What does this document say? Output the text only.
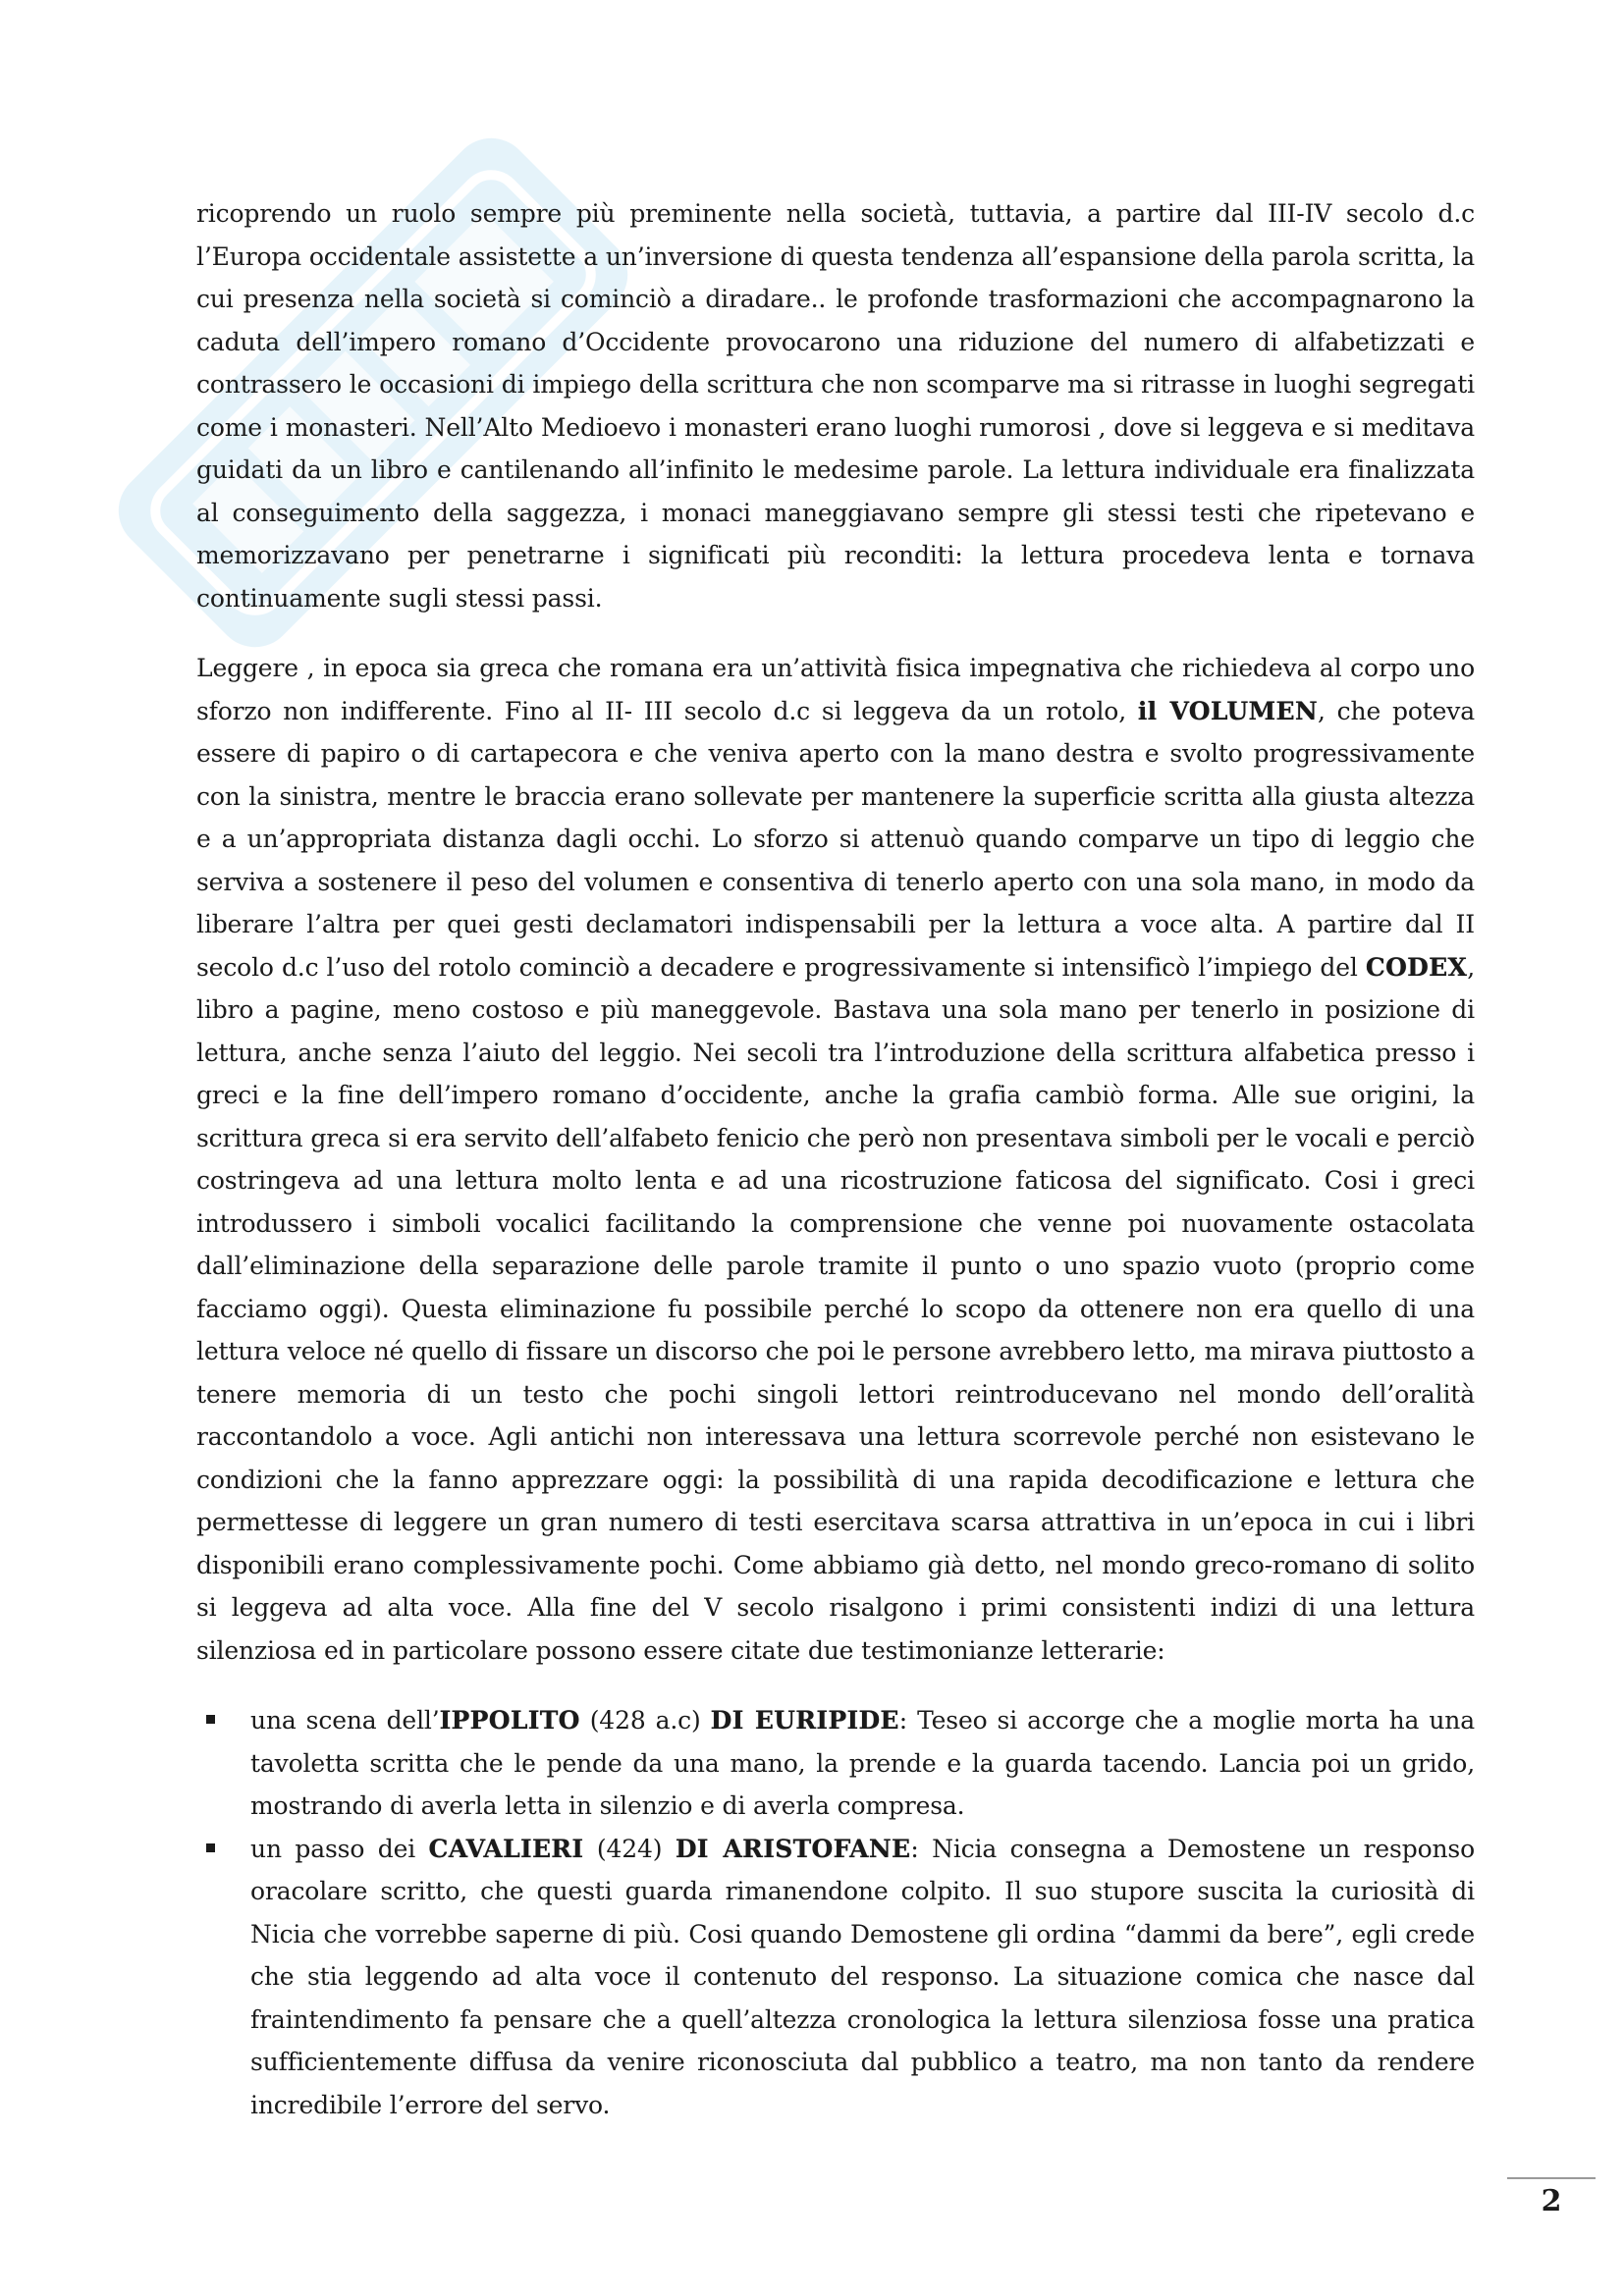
ricoprendo un ruolo sempre più preminente nella società, tuttavia, a partire dal III-IV secolo d.c l’Europa occidentale assistette a un’inversione di questa tendenza all’espansione della parola scritta, la cui presenza nella società si cominciò a diradare.. le profonde trasformazioni che accompagnarono la caduta dell’impero romano d’Occidente provocarono una riduzione del numero di alfabetizzati e contrassero le occasioni di impiego della scrittura che non scomparve ma si ritrasse in luoghi segregati come i monasteri. Nell’Alto Medioevo i monasteri erano luoghi rumorosi , dove si leggeva e si meditava guidati da un libro e cantilenando all’infinito le medesime parole. La lettura individuale era finalizzata al conseguimento della saggezza, i monaci maneggiavano sempre gli stessi testi che ripetevano e memorizzavano per penetrarne i significati più reconditi: la lettura procedeva lenta e tornava continuamente sugli stessi passi.

Leggere , in epoca sia greca che romana era un’attività fisica impegnativa che richiedeva al corpo uno sforzo non indifferente. Fino al II- III secolo d.c si leggeva da un rotolo, il VOLUMEN, che poteva essere di papiro o di cartapecora e che veniva aperto con la mano destra e svolto progressivamente con la sinistra, mentre le braccia erano sollevate per mantenere la superficie scritta alla giusta altezza e a un’appropriata distanza dagli occhi. Lo sforzo si attenuò quando comparve un tipo di leggio che serviva a sostenere il peso del volumen e consentiva di tenerlo aperto con una sola mano, in modo da liberare l’altra per quei gesti declamatori indispensabili per la lettura a voce alta. A partire dal II secolo d.c l’uso del rotolo cominciò a decadere e progressivamente si intensificò l’impiego del CODEX, libro a pagine, meno costoso e più maneggevole. Bastava una sola mano per tenerlo in posizione di lettura, anche senza l’aiuto del leggio. Nei secoli tra l’introduzione della scrittura alfabetica presso i greci e la fine dell’impero romano d’occidente, anche la grafia cambiò forma. Alle sue origini, la scrittura greca si era servito dell’alfabeto fenicio che però non presentava simboli per le vocali e perciò costringeva ad una lettura molto lenta e ad una ricostruzione faticosa del significato. Cosi i greci introdussero i simboli vocalici facilitando la comprensione che venne poi nuovamente ostacolata dall’eliminazione della separazione delle parole tramite il punto o uno spazio vuoto (proprio come facciamo oggi). Questa eliminazione fu possibile perché lo scopo da ottenere non era quello di una lettura veloce né quello di fissare un discorso che poi le persone avrebbero letto, ma mirava piuttosto a tenere memoria di un testo che pochi singoli lettori reintroducevano nel mondo dell’oralità raccontandolo a voce. Agli antichi non interessava una lettura scorrevole perché non esistevano le condizioni che la fanno apprezzare oggi: la possibilità di una rapida decodificazione e lettura che permettesse di leggere un gran numero di testi esercitava scarsa attrattiva in un’epoca in cui i libri disponibili erano complessivamente pochi. Come abbiamo già detto, nel mondo greco-romano di solito si leggeva ad alta voce. Alla fine del V secolo risalgono i primi consistenti indizi di una lettura silenziosa ed in particolare possono essere citate due testimonianze letterarie:

una scena dell’IPPOLITO (428 a.c) DI EURIPIDE: Teseo si accorge che a moglie morta ha una tavoletta scritta che le pende da una mano, la prende e la guarda tacendo. Lancia poi un grido, mostrando di averla letta in silenzio e di averla compresa.
un passo dei CAVALIERI (424) DI ARISTOFANE: Nicia consegna a Demostene un responso oracolare scritto, che questi guarda rimanendone colpito. Il suo stupore suscita la curiosità di Nicia che vorrebbe saperne di più. Cosi quando Demostene gli ordina “dammi da bere”, egli crede che stia leggendo ad alta voce il contenuto del responso. La situazione comica che nasce dal fraintendimento fa pensare che a quell’altezza cronologica la lettura silenziosa fosse una pratica sufficientemente diffusa da venire riconosciuta dal pubblico a teatro, ma non tanto da rendere incredibile l’errore del servo.
2
